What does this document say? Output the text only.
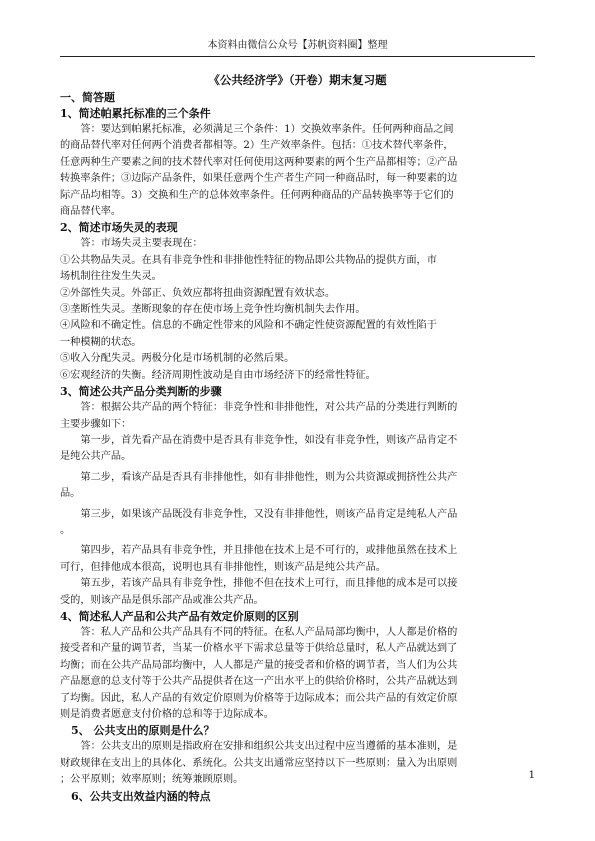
本资料由微信公众号【苏帆资料圈】整理
《公共经济学》（开卷）期末复习题
一、简答题
1、简述帕累托标准的三个条件
答：要达到帕累托标准，必须满足三个条件：1）交换效率条件。任何两种商品之间
的商品替代率对任何两个消费者都相等。2）生产效率条件。包括：①技术替代率条件，
任意两种生产要素之间的技术替代率对任何使用这两种要素的两个生产品都相等；②产品
转换率条件；③边际产品条件，如果任意两个生产者生产同一种商品时，每一种要素的边
际产品均相等。3）交换和生产的总体效率条件。任何两种商品的产品转换率等于它们的
商品替代率。
2、简述市场失灵的表现
答：市场失灵主要表现在：
①公共物品失灵。在具有非竞争性和非排他性特征的物品即公共物品的提供方面，市
场机制往往发生失灵。
②外部性失灵。外部正、负效应都将扭曲资源配置有效状态。
③垄断性失灵。垄断现象的存在使市场上竞争性均衡机制失去作用。
④风险和不确定性。信息的不确定性带来的风险和不确定性使资源配置的有效性陷于
一种模糊的状态。
⑤收入分配失灵。两极分化是市场机制的必然后果。
⑥宏观经济的失衡。经济周期性波动是自由市场经济下的经常性特征。
3、简述公共产品分类判断的步骤
答：根据公共产品的两个特征：非竞争性和非排他性，对公共产品的分类进行判断的
主要步骤如下：
第一步，首先看产品在消费中是否具有非竞争性，如没有非竞争性，则该产品肯定不
是纯公共产品。
第二步，看该产品是否具有非排他性，如有非排他性，则为公共资源或拥挤性公共产
品。
第三步，如果该产品既没有非竞争性，又没有非排他性，则该产品肯定是纯私人产品
。
第四步，若产品具有非竞争性，并且排他在技术上是不可行的，或排他虽然在技术上
可行，但排他成本很高，说明也具有非排他性，则该产品是纯公共产品。
第五步，若该产品具有非竞争性，排他不但在技术上可行，而且排他的成本是可以接
受的，则该产品是俱乐部产品或准公共产品。
4、简述私人产品和公共产品有效定价原则的区别
答：私人产品和公共产品具有不同的特征。在私人产品局部均衡中，人人都是价格的
接受者和产量的调节者，当某一价格水平下需求总量等于供给总量时，私人产品就达到了
均衡；而在公共产品局部均衡中，人人都是产量的接受者和价格的调节者，当人们为公共
产品愿意的总支付等于公共产品提供者在这一产出水平上的供给价格时，公共产品就达到
了均衡。因此，私人产品的有效定价原则为价格等于边际成本；而公共产品的有效定价原
则是消费者愿意支付价格的总和等于边际成本。
5、 公共支出的原则是什么？
答：公共支出的原则是指政府在安排和组织公共支出过程中应当遵循的基本准则，是
财政规律在支出上的具体化、系统化。公共支出通常应坚持以下一些原则：量入为出原则
；公平原则；效率原则；统筹兼顾原则。
6、公共支出效益内涵的特点
1
